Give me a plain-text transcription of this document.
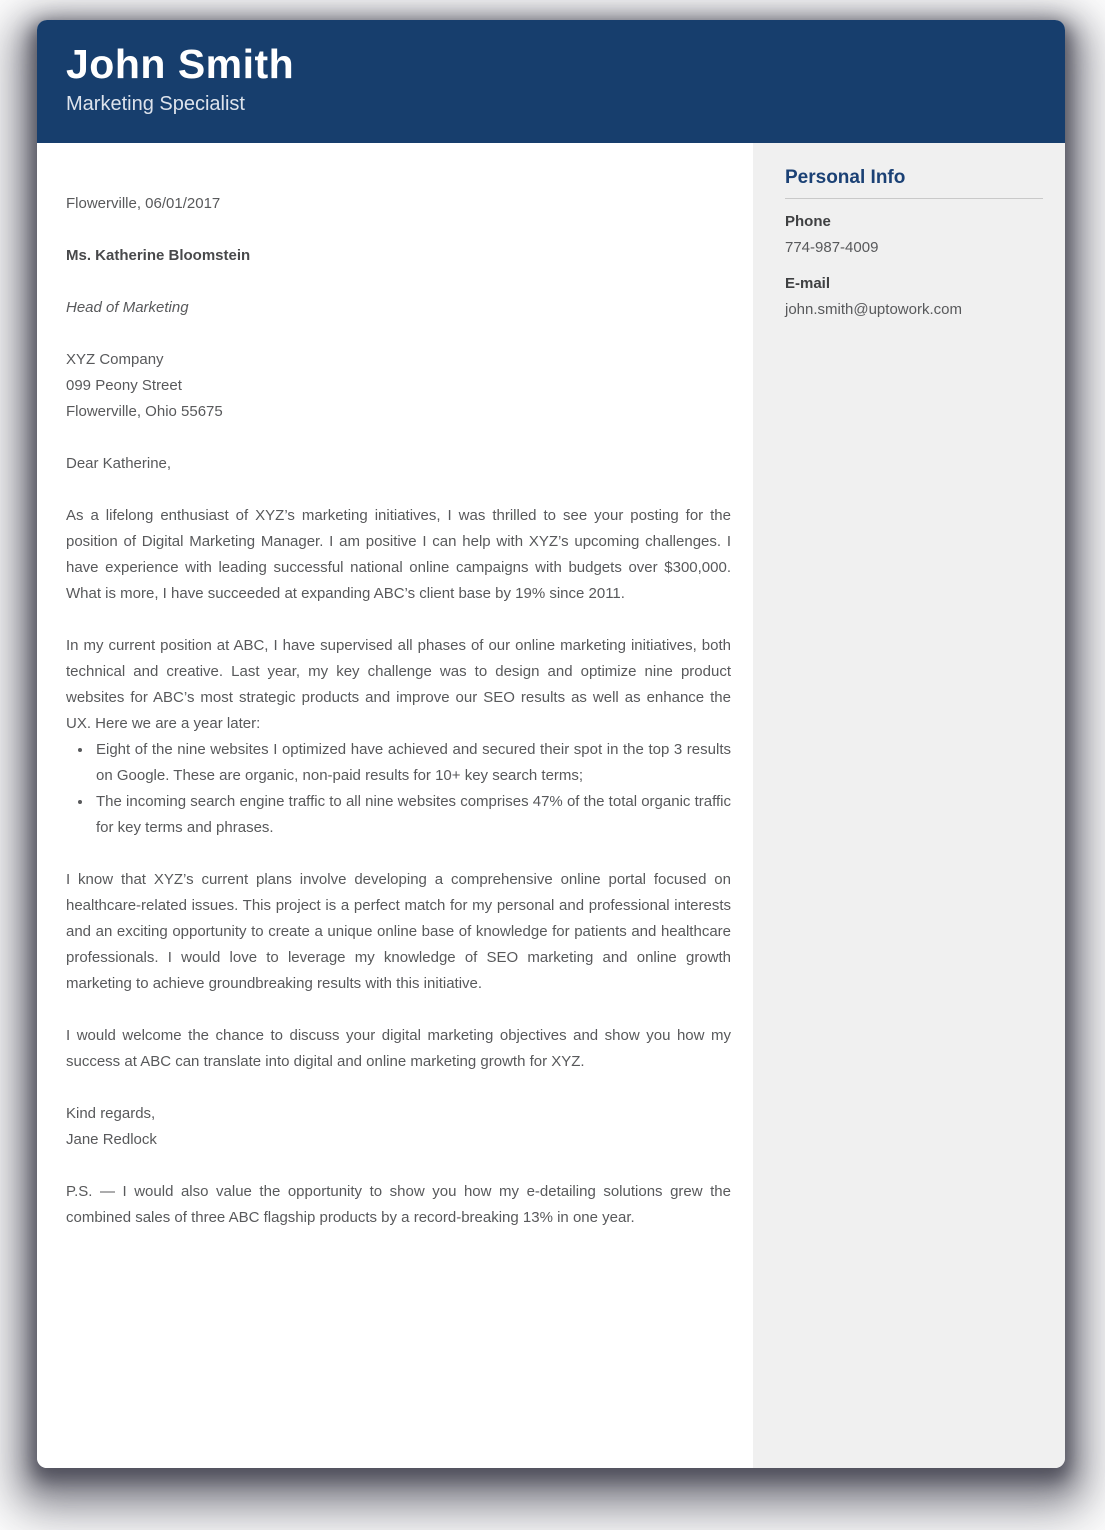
John Smith
Marketing Specialist

Flowerville, 06/01/2017

Ms. Katherine Bloomstein

Head of Marketing

XYZ Company
099 Peony Street
Flowerville, Ohio 55675

Dear Katherine,

As a lifelong enthusiast of XYZ’s marketing initiatives, I was thrilled to see your posting for the position of Digital Marketing Manager. I am positive I can help with XYZ’s upcoming challenges. I have experience with leading successful national online campaigns with budgets over $300,000. What is more, I have succeeded at expanding ABC’s client base by 19% since 2011.

In my current position at ABC, I have supervised all phases of our online marketing initiatives, both technical and creative. Last year, my key challenge was to design and optimize nine product websites for ABC’s most strategic products and improve our SEO results as well as enhance the UX. Here we are a year later:

• Eight of the nine websites I optimized have achieved and secured their spot in the top 3 results on Google. These are organic, non-paid results for 10+ key search terms;
• The incoming search engine traffic to all nine websites comprises 47% of the total organic traffic for key terms and phrases.

I know that XYZ’s current plans involve developing a comprehensive online portal focused on healthcare-related issues. This project is a perfect match for my personal and professional interests and an exciting opportunity to create a unique online base of knowledge for patients and healthcare professionals. I would love to leverage my knowledge of SEO marketing and online growth marketing to achieve groundbreaking results with this initiative.

I would welcome the chance to discuss your digital marketing objectives and show you how my success at ABC can translate into digital and online marketing growth for XYZ.

Kind regards,
Jane Redlock

P.S. — I would also value the opportunity to show you how my e-detailing solutions grew the combined sales of three ABC flagship products by a record-breaking 13% in one year.

Personal Info

Phone

774-987-4009

E-mail

john.smith@uptowork.com
